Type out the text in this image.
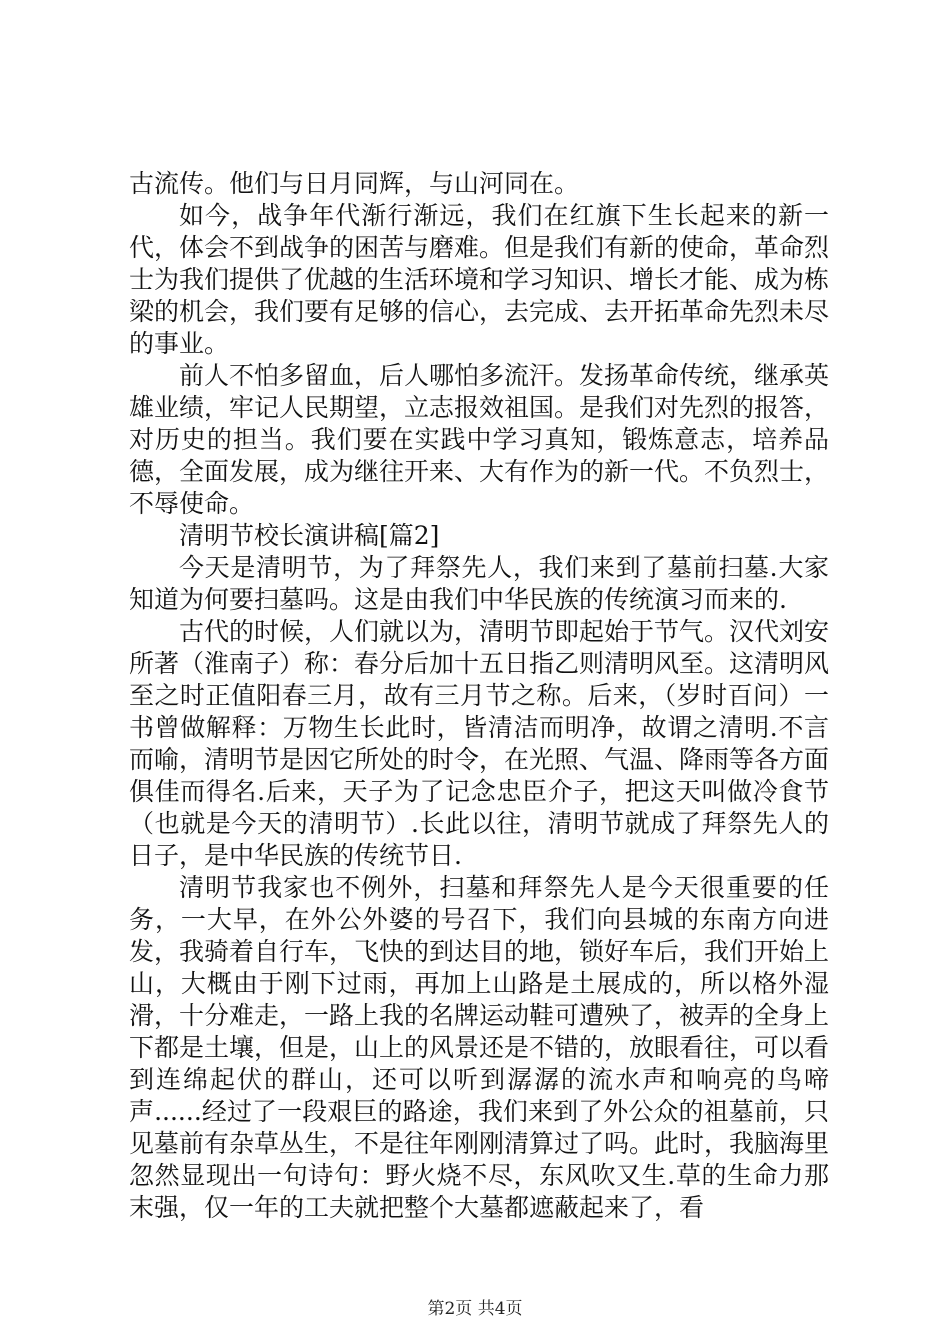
古流传。他们与日月同辉，与山河同在。

如今，战争年代渐行渐远，我们在红旗下生长起来的新一代，体会不到战争的困苦与磨难。但是我们有新的使命，革命烈士为我们提供了优越的生活环境和学习知识、增长才能、成为栋梁的机会，我们要有足够的信心，去完成、去开拓革命先烈未尽的事业。

前人不怕多留血，后人哪怕多流汗。发扬革命传统，继承英雄业绩，牢记人民期望，立志报效祖国。是我们对先烈的报答，对历史的担当。我们要在实践中学习真知，锻炼意志，培养品德，全面发展，成为继往开来、大有作为的新一代。不负烈士，不辱使命。

清明节校长演讲稿[篇2]

今天是清明节，为了拜祭先人，我们来到了墓前扫墓.大家知道为何要扫墓吗。这是由我们中华民族的传统演习而来的.

古代的时候，人们就以为，清明节即起始于节气。汉代刘安所著（淮南子）称：春分后加十五日指乙则清明风至。这清明风至之时正值阳春三月，故有三月节之称。后来，（岁时百问）一书曾做解释：万物生长此时，皆清洁而明净，故谓之清明.不言而喻，清明节是因它所处的时令，在光照、气温、降雨等各方面俱佳而得名.后来，天子为了记念忠臣介子，把这天叫做冷食节（也就是今天的清明节）.长此以往，清明节就成了拜祭先人的日子，是中华民族的传统节日.

清明节我家也不例外，扫墓和拜祭先人是今天很重要的任务，一大早，在外公外婆的号召下，我们向县城的东南方向进发，我骑着自行车，飞快的到达目的地，锁好车后，我们开始上山，大概由于刚下过雨，再加上山路是土展成的，所以格外湿滑，十分难走，一路上我的名牌运动鞋可遭殃了，被弄的全身上下都是土壤，但是，山上的风景还是不错的，放眼看往，可以看到连绵起伏的群山，还可以听到潺潺的流水声和响亮的鸟啼声......经过了一段艰巨的路途，我们来到了外公众的祖墓前，只见墓前有杂草丛生，不是往年刚刚清算过了吗。此时，我脑海里忽然显现出一句诗句：野火烧不尽，东风吹又生.草的生命力那末强，仅一年的工夫就把整个大墓都遮蔽起来了，看

第2页 共4页
